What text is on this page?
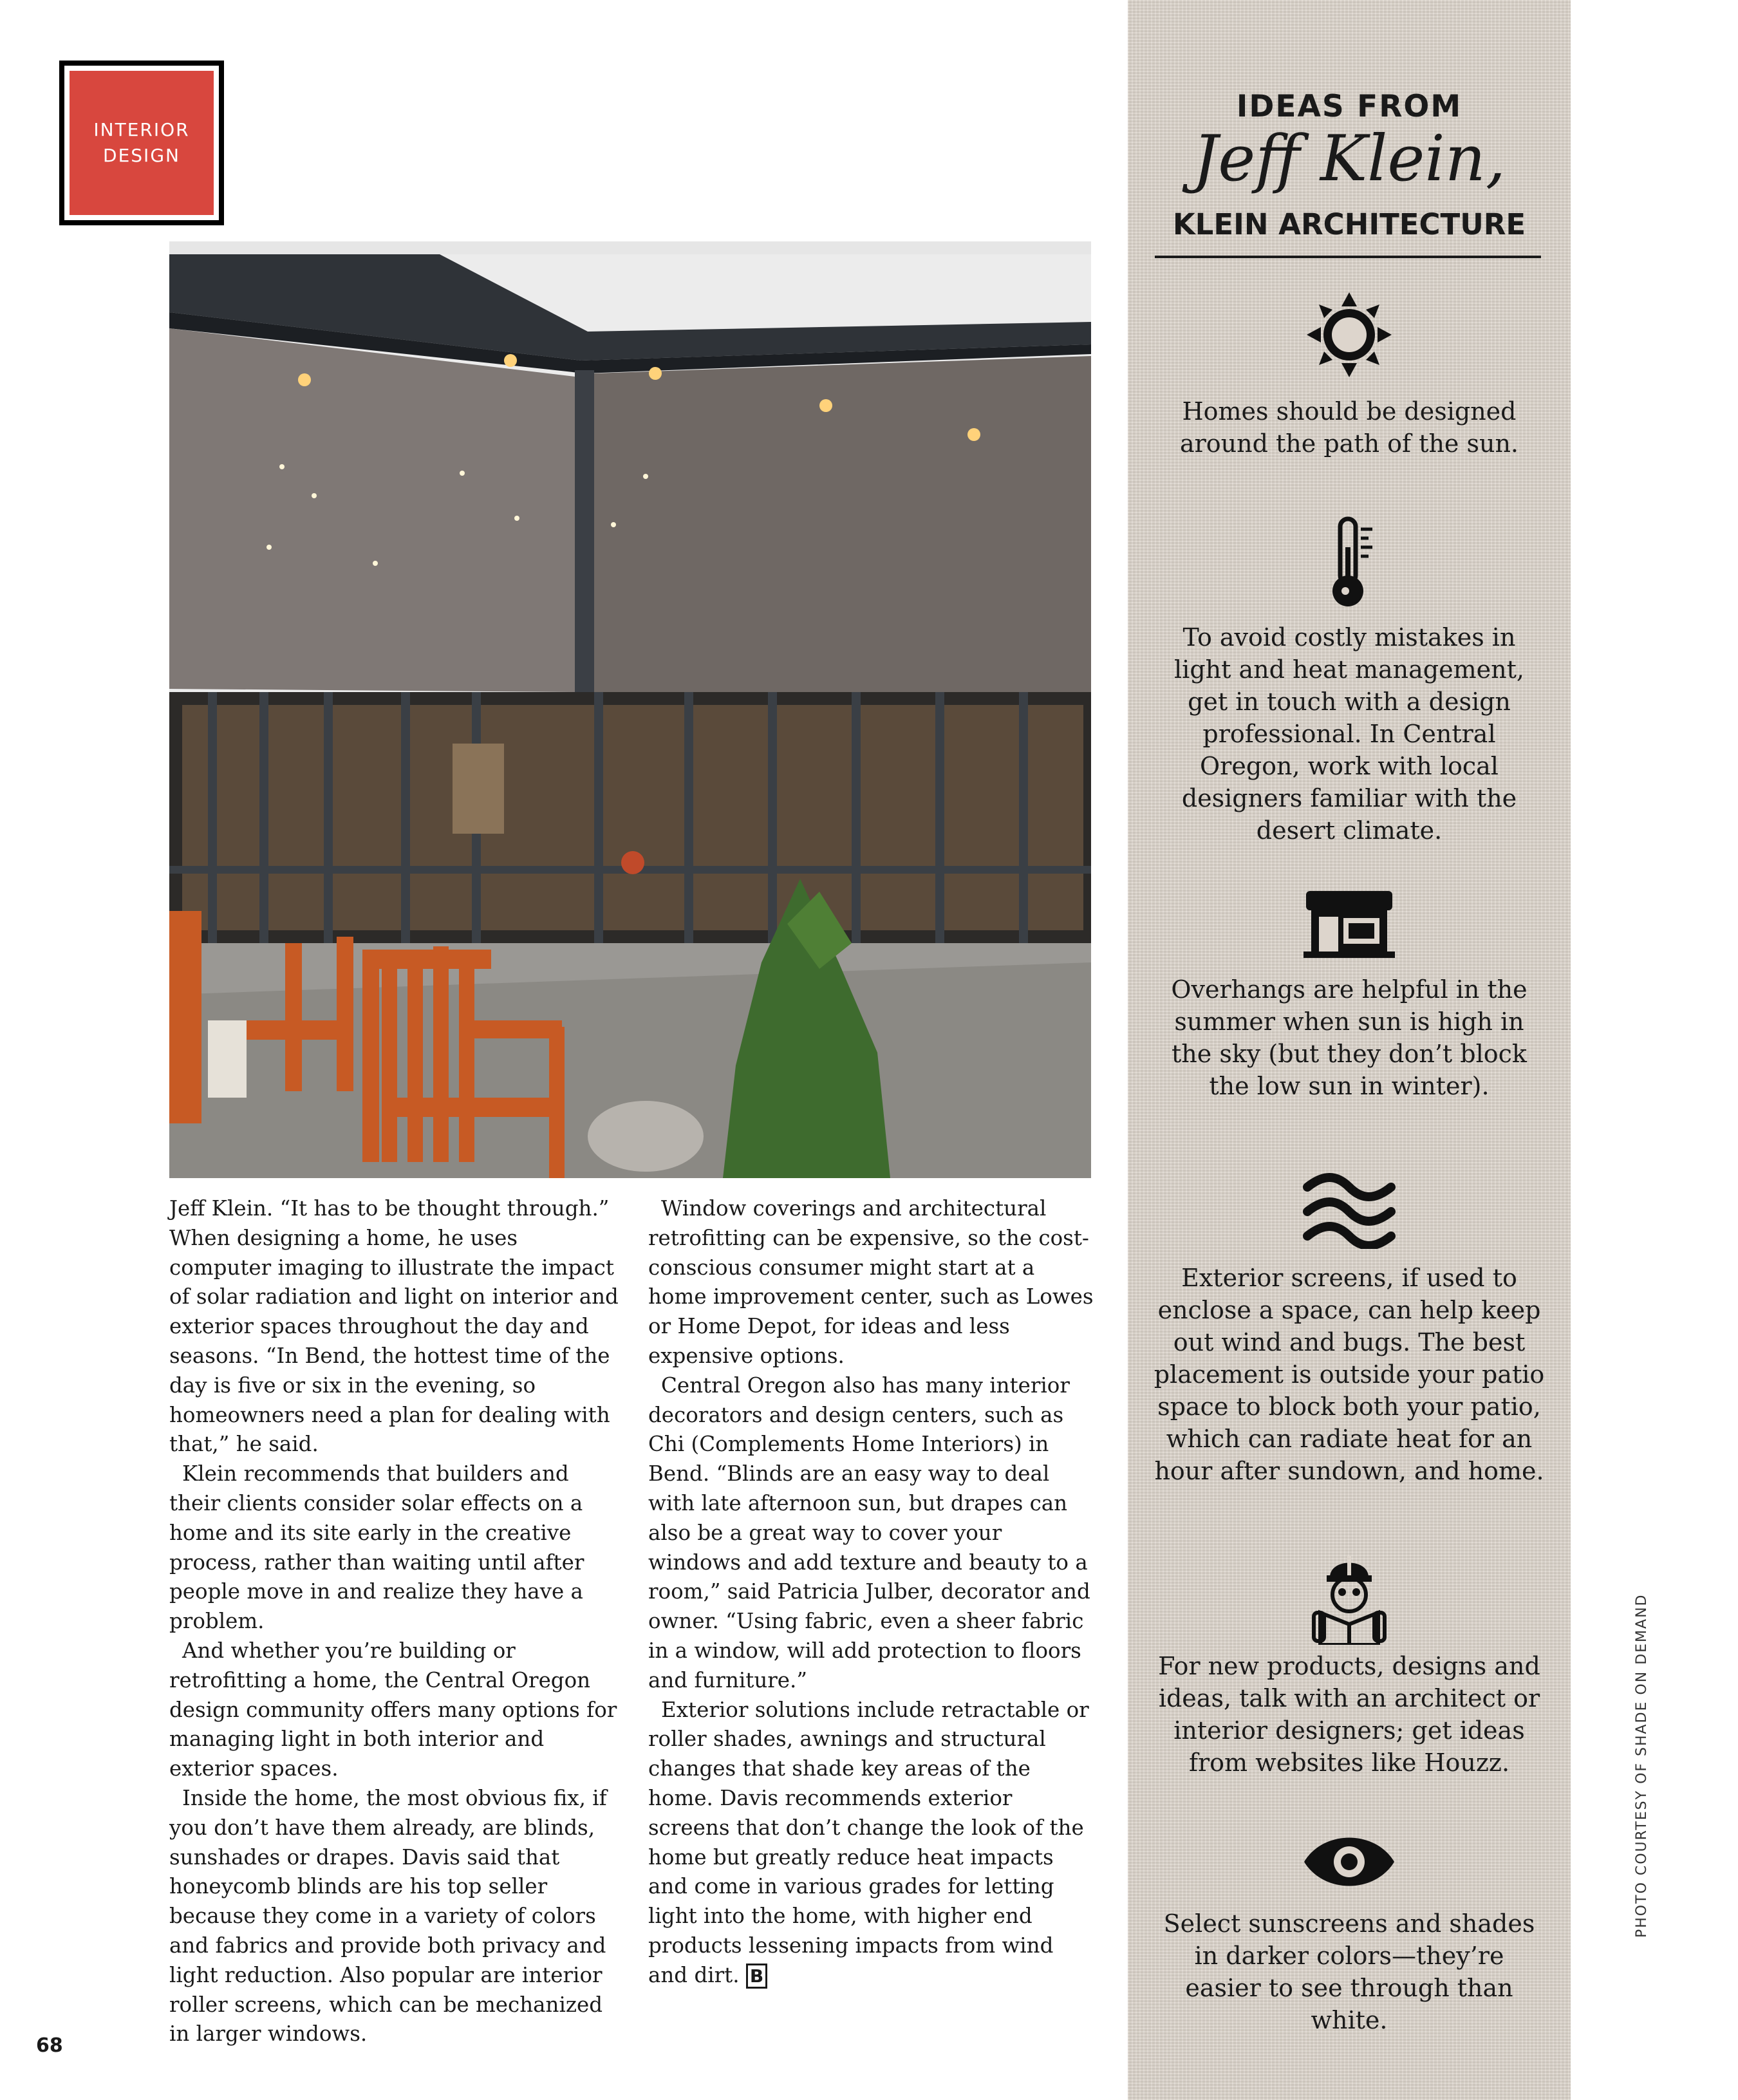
INTERIOR
DESIGN

Jeff Klein. “It has to be thought through.” When designing a home, he uses computer imaging to illustrate the impact of solar radiation and light on interior and exterior spaces throughout the day and seasons. “In Bend, the hottest time of the day is five or six in the evening, so homeowners need a plan for dealing with that,” he said.

Klein recommends that builders and their clients consider solar effects on a home and its site early in the creative process, rather than waiting until after people move in and realize they have a problem.

And whether you’re building or retrofitting a home, the Central Oregon design community offers many options for managing light in both interior and exterior spaces.

Inside the home, the most obvious fix, if you don’t have them already, are blinds, sunshades or drapes. Davis said that honeycomb blinds are his top seller because they come in a variety of colors and fabrics and provide both privacy and light reduction. Also popular are interior roller screens, which can be mechanized in larger windows.

Window coverings and architectural retrofitting can be expensive, so the cost-conscious consumer might start at a home improvement center, such as Lowes or Home Depot, for ideas and less expensive options.

Central Oregon also has many interior decorators and design centers, such as Chi (Complements Home Interiors) in Bend. “Blinds are an easy way to deal with late afternoon sun, but drapes can also be a great way to cover your windows and add texture and beauty to a room,” said Patricia Julber, decorator and owner. “Using fabric, even a sheer fabric in a window, will add protection to floors and furniture.”

Exterior solutions include retractable or roller shades, awnings and structural changes that shade key areas of the home. Davis recommends exterior screens that don’t change the look of the home but greatly reduce heat impacts and come in various grades for letting light into the home, with higher end products lessening impacts from wind and dirt. B

IDEAS FROM
Jeff Klein,
KLEIN ARCHITECTURE
Homes should be designed around the path of the sun.
To avoid costly mistakes in light and heat management, get in touch with a design professional. In Central Oregon, work with local designers familiar with the desert climate.
Overhangs are helpful in the summer when sun is high in the sky (but they don’t block the low sun in winter).
Exterior screens, if used to enclose a space, can help keep out wind and bugs. The best placement is outside your patio space to block both your patio, which can radiate heat for an hour after sundown, and home.
For new products, designs and ideas, talk with an architect or interior designers; get ideas from websites like Houzz.
Select sunscreens and shades in darker colors—they’re easier to see through than white.
PHOTO COURTESY OF SHADE ON DEMAND
68
